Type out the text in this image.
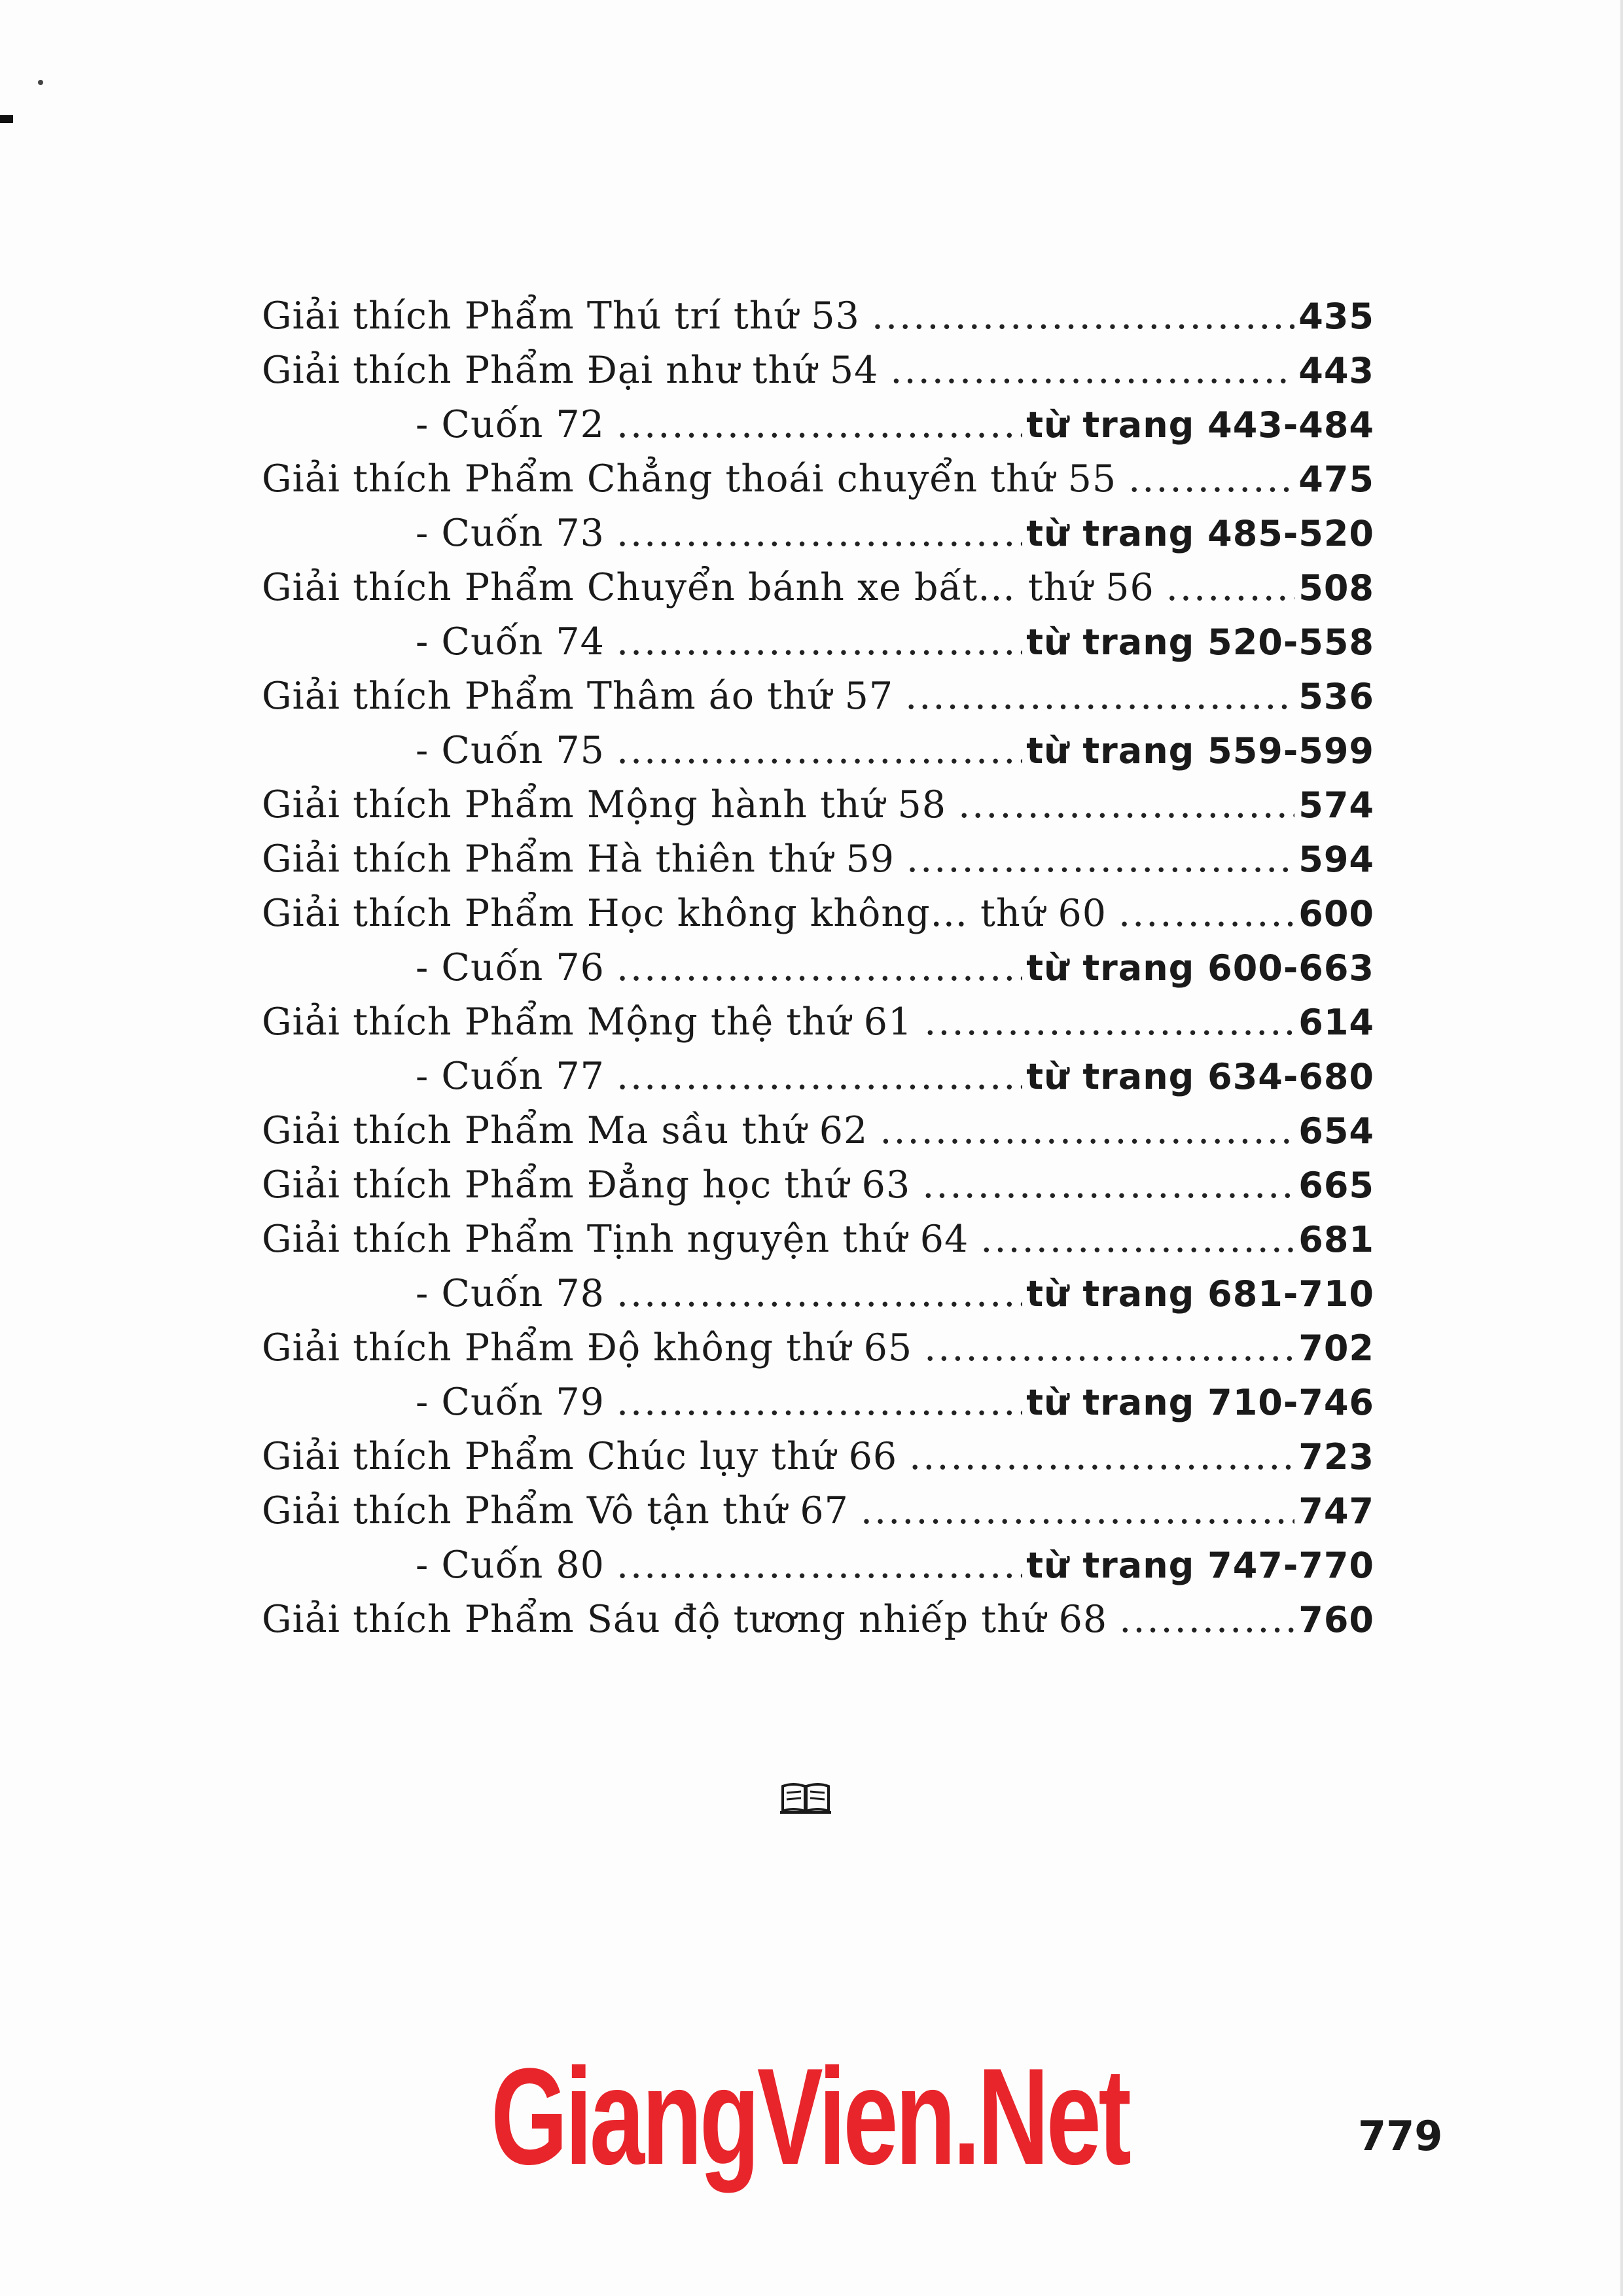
Giải thích Phẩm Thú trí thứ 53 .....	435
Giải thích Phẩm Đại như thứ 54 .....	443
- Cuốn 72 .....	từ trang 443-484
Giải thích Phẩm Chẳng thoái chuyển thứ 55 .....	475
- Cuốn 73 .....	từ trang 485-520
Giải thích Phẩm Chuyển bánh xe bất... thứ 56 .....	508
- Cuốn 74 .....	từ trang 520-558
Giải thích Phẩm Thâm áo thứ 57 .....	536
- Cuốn 75 .....	từ trang 559-599
Giải thích Phẩm Mộng hành thứ 58 .....	574
Giải thích Phẩm Hà thiên thứ 59 .....	594
Giải thích Phẩm Học không không... thứ 60 .....	600
- Cuốn 76 .....	từ trang 600-663
Giải thích Phẩm Mộng thệ thứ 61 .....	614
- Cuốn 77 .....	từ trang 634-680
Giải thích Phẩm Ma sầu thứ 62 .....	654
Giải thích Phẩm Đẳng học thứ 63 .....	665
Giải thích Phẩm Tịnh nguyện thứ 64 .....	681
- Cuốn 78 .....	từ trang 681-710
Giải thích Phẩm Độ không thứ 65 .....	702
- Cuốn 79 .....	từ trang 710-746
Giải thích Phẩm Chúc lụy thứ 66 .....	723
Giải thích Phẩm Vô tận thứ 67 .....	747
- Cuốn 80 .....	từ trang 747-770
Giải thích Phẩm Sáu độ tương nhiếp thứ 68 .....	760
GiangVien.Net	779
